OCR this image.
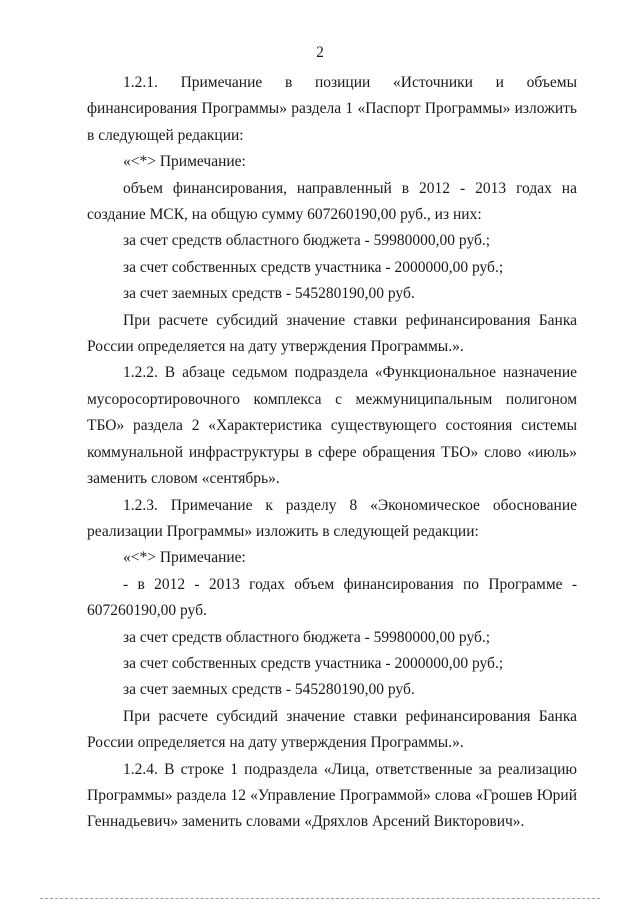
2

1.2.1. Примечание в позиции «Источники и объемы финансирования Программы» раздела 1 «Паспорт Программы» изложить в следующей редакции:

«<*> Примечание:

объем финансирования, направленный в 2012 - 2013 годах на создание МСК, на общую сумму 607260190,00 руб., из них:

за счет средств областного бюджета - 59980000,00 руб.;

за счет собственных средств участника - 2000000,00 руб.;

за счет заемных средств - 545280190,00 руб.

При расчете субсидий значение ставки рефинансирования Банка России определяется на дату утверждения Программы.».

1.2.2. В абзаце седьмом подраздела «Функциональное назначение мусоросортировочного комплекса с межмуниципальным полигоном ТБО» раздела 2 «Характеристика существующего состояния системы коммунальной инфраструктуры в сфере обращения ТБО» слово «июль» заменить словом «сентябрь».

1.2.3. Примечание к разделу 8 «Экономическое обоснование реализации Программы» изложить в следующей редакции:

«<*> Примечание:

- в 2012 - 2013 годах объем финансирования по Программе - 607260190,00 руб.

за счет средств областного бюджета - 59980000,00 руб.;

за счет собственных средств участника - 2000000,00 руб.;

за счет заемных средств - 545280190,00 руб.

При расчете субсидий значение ставки рефинансирования Банка России определяется на дату утверждения Программы.».

1.2.4. В строке 1 подраздела «Лица, ответственные за реализацию Программы» раздела 12 «Управление Программой» слова «Грошев Юрий Геннадьевич» заменить словами «Дряхлов Арсений Викторович».
